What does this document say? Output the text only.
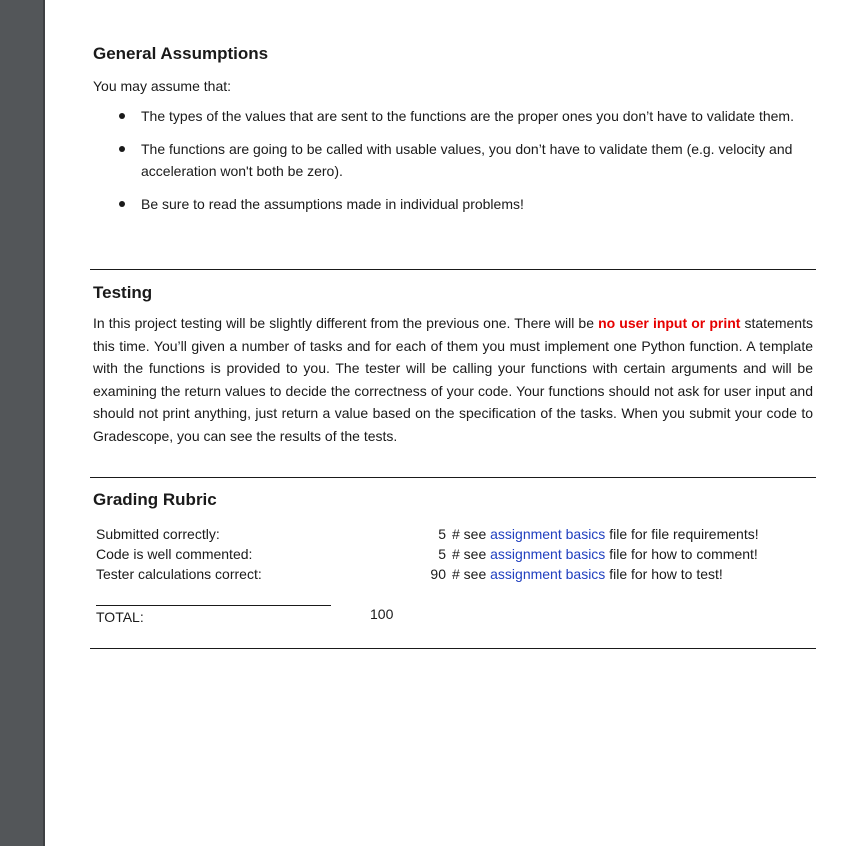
General Assumptions

You may assume that:

The types of the values that are sent to the functions are the proper ones you don’t have to validate them.
The functions are going to be called with usable values, you don’t have to validate them (e.g. velocity and acceleration won't both be zero).
Be sure to read the assumptions made in individual problems!
Testing

In this project testing will be slightly different from the previous one. There will be no user input or print statements this time. You’ll given a number of tasks and for each of them you must implement one Python function. A template with the functions is provided to you. The tester will be calling your functions with certain arguments and will be examining the return values to decide the correctness of your code. Your functions should not ask for user input and should not print anything, just return a value based on the specification of the tasks. When you submit your code to Gradescope, you can see the results of the tests.

Grading Rubric
Submitted correctly:	5 # see assignment basics file for file requirements!
Code is well commented:	5 # see assignment basics file for how to comment!
Tester calculations correct:	90 # see assignment basics file for how to test!
TOTAL:	100
